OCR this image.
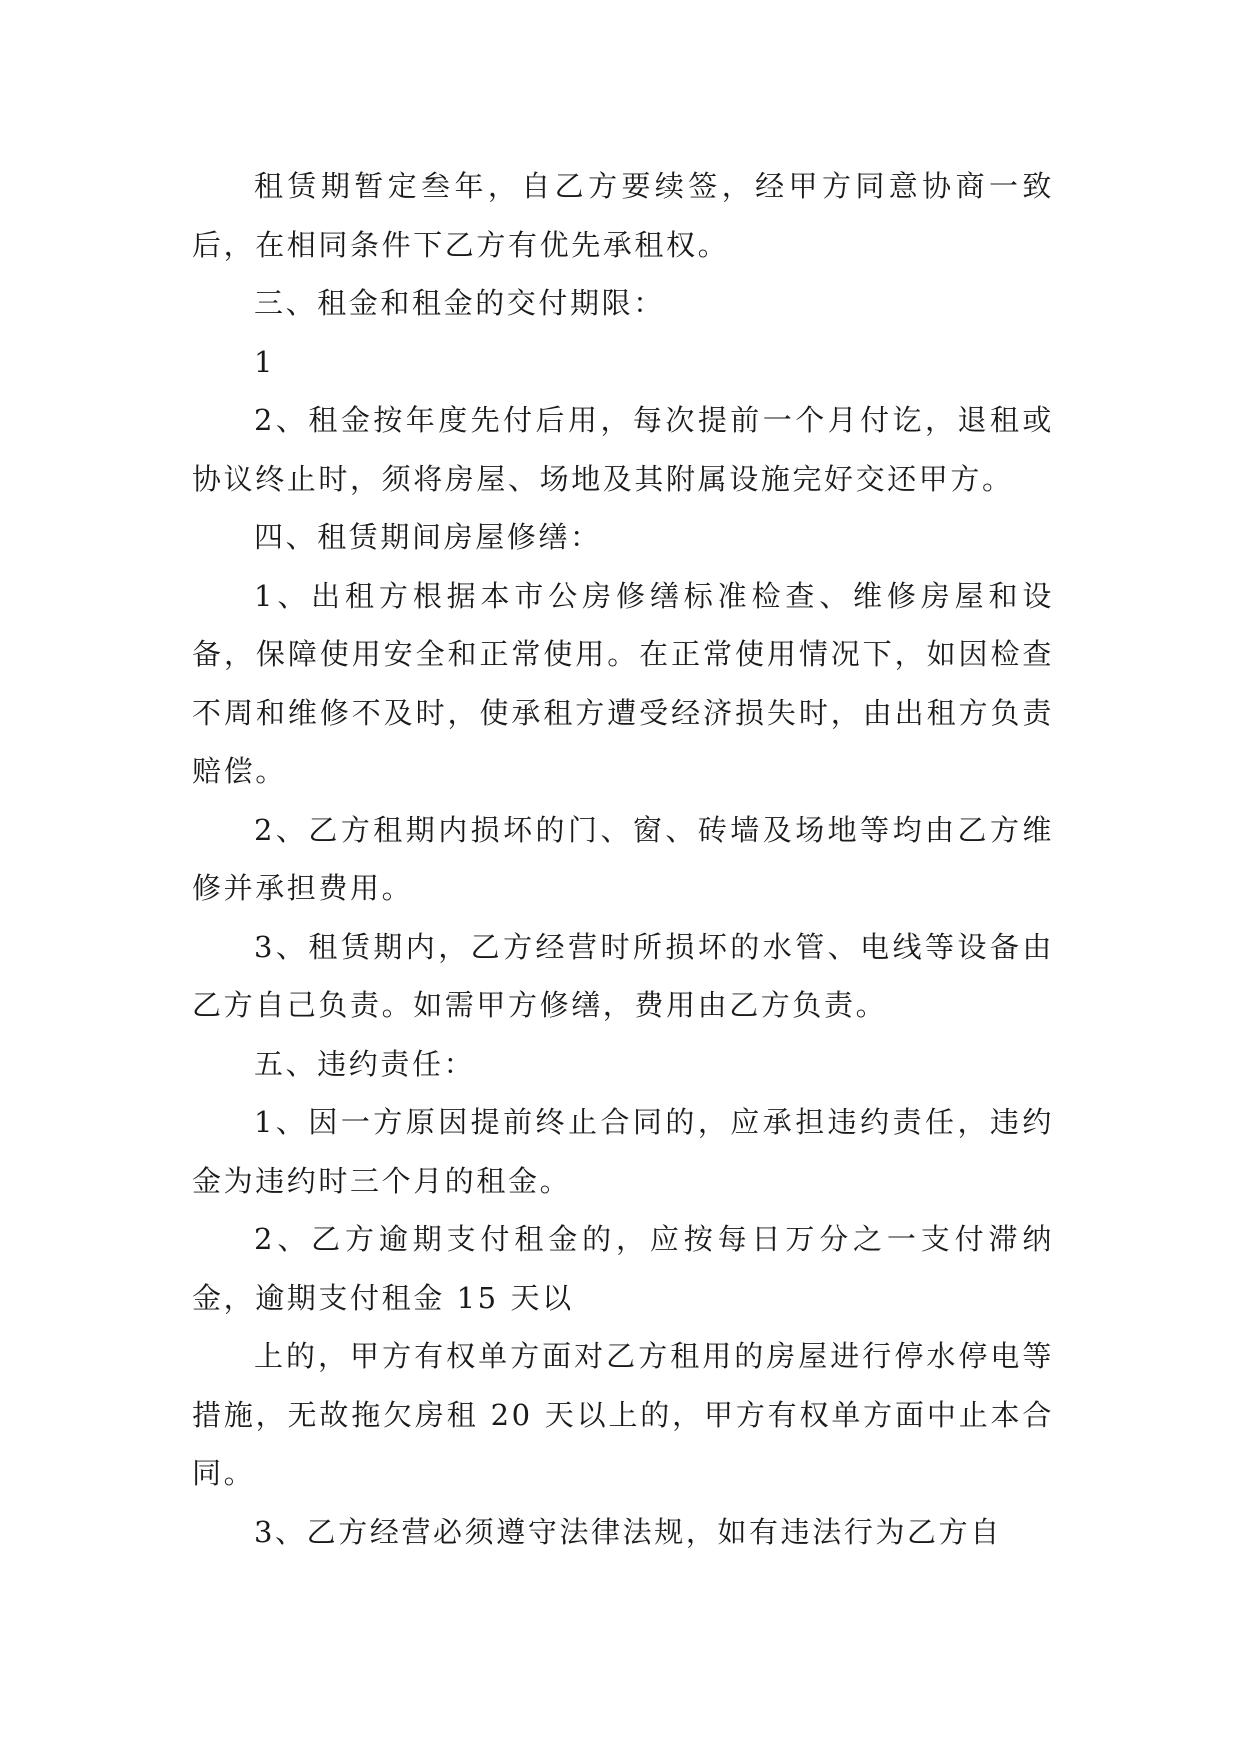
租赁期暂定叁年，自乙方要续签，经甲方同意协商一致后，在相同条件下乙方有优先承租权。

三、租金和租金的交付期限：

1

2、租金按年度先付后用，每次提前一个月付讫，退租或协议终止时，须将房屋、场地及其附属设施完好交还甲方。

四、租赁期间房屋修缮：

1、出租方根据本市公房修缮标准检查、维修房屋和设备，保障使用安全和正常使用。在正常使用情况下，如因检查不周和维修不及时，使承租方遭受经济损失时，由出租方负责赔偿。

2、乙方租期内损坏的门、窗、砖墙及场地等均由乙方维修并承担费用。

3、租赁期内，乙方经营时所损坏的水管、电线等设备由乙方自己负责。如需甲方修缮，费用由乙方负责。

五、违约责任：

1、因一方原因提前终止合同的，应承担违约责任，违约金为违约时三个月的租金。

2、乙方逾期支付租金的，应按每日万分之一支付滞纳金，逾期支付租金 15 天以

上的，甲方有权单方面对乙方租用的房屋进行停水停电等措施，无故拖欠房租 20 天以上的，甲方有权单方面中止本合同。

3、乙方经营必须遵守法律法规，如有违法行为乙方自
